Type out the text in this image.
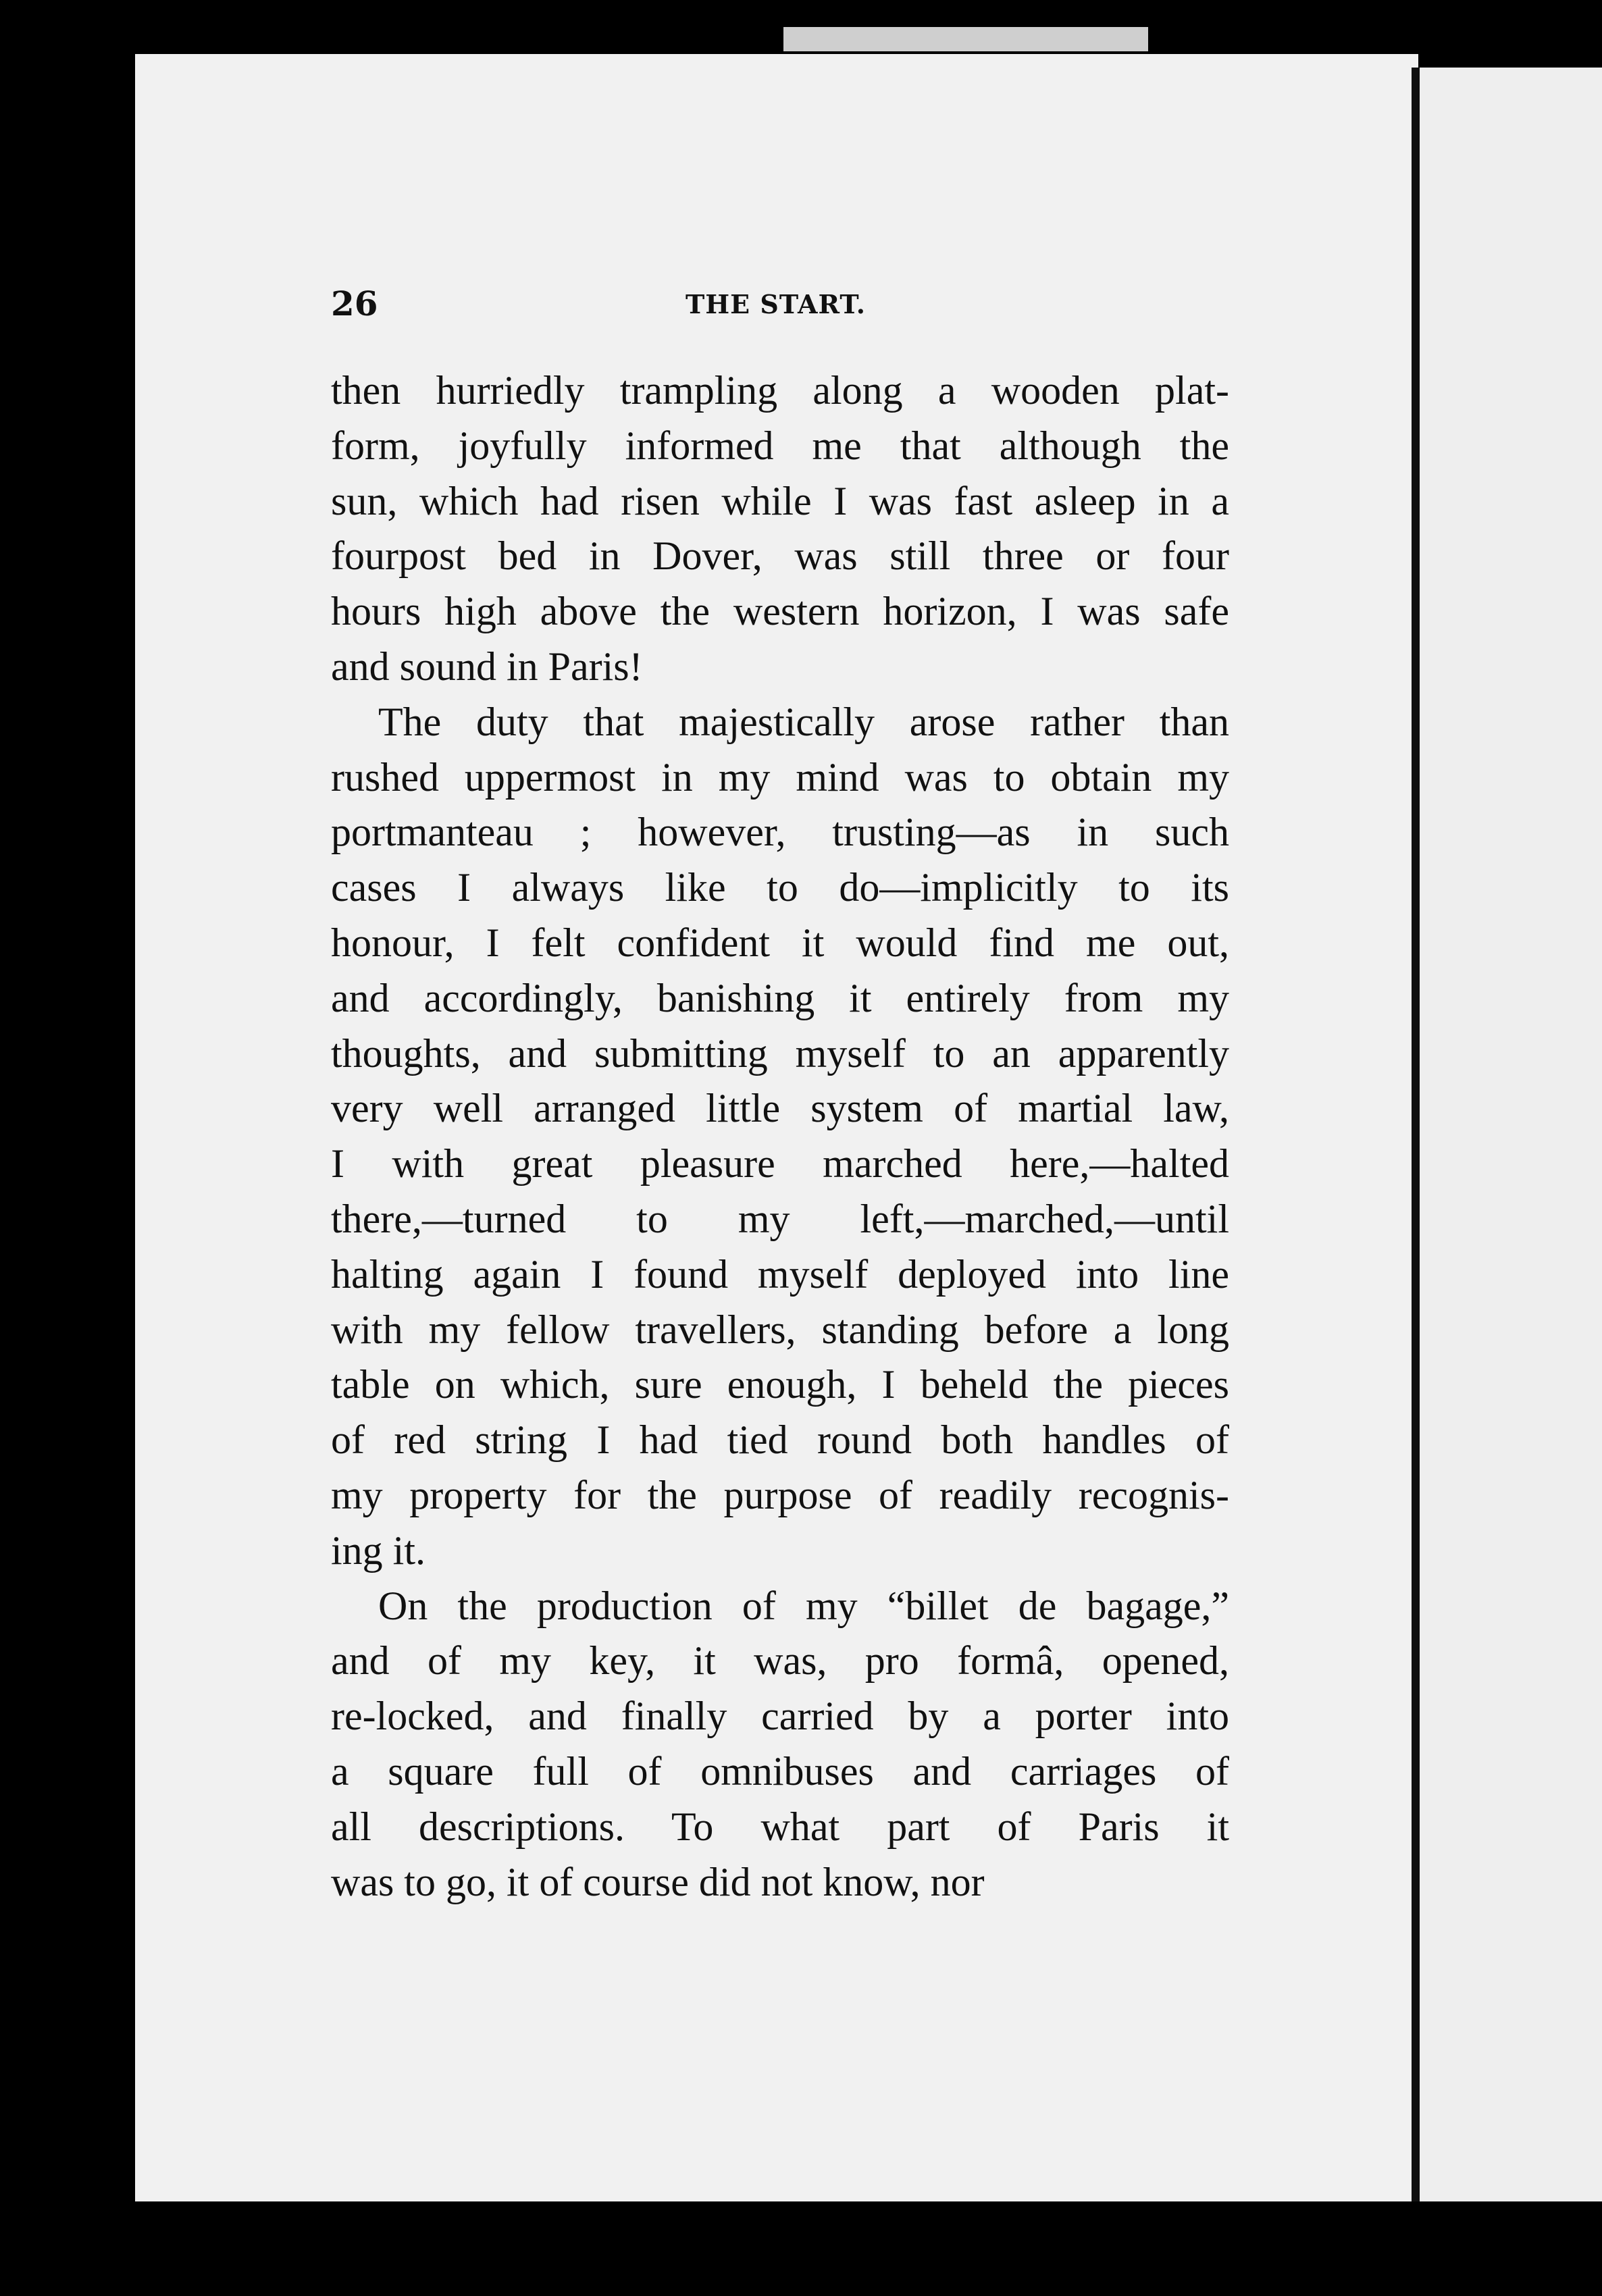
26	THE START.
then hurriedly trampling along a wooden plat-
form, joyfully informed me that although the
sun, which had risen while I was fast asleep in a
fourpost bed in Dover, was still three or four
hours high above the western horizon, I was safe
and sound in Paris!
The duty that majestically arose rather than
rushed uppermost in my mind was to obtain my
portmanteau ; however, trusting—as in such
cases I always like to do—implicitly to its
honour, I felt confident it would find me out,
and accordingly, banishing it entirely from my
thoughts, and submitting myself to an apparently
very well arranged little system of martial law,
I with great pleasure marched here,—halted
there,—turned to my left,—marched,—until
halting again I found myself deployed into line
with my fellow travellers, standing before a long
table on which, sure enough, I beheld the pieces
of red string I had tied round both handles of
my property for the purpose of readily recognis-
ing it.
On the production of my “billet de bagage,”
and of my key, it was, pro formâ, opened,
re-locked, and finally carried by a porter into
a square full of omnibuses and carriages of
all descriptions. To what part of Paris it
was to go, it of course did not know, nor
